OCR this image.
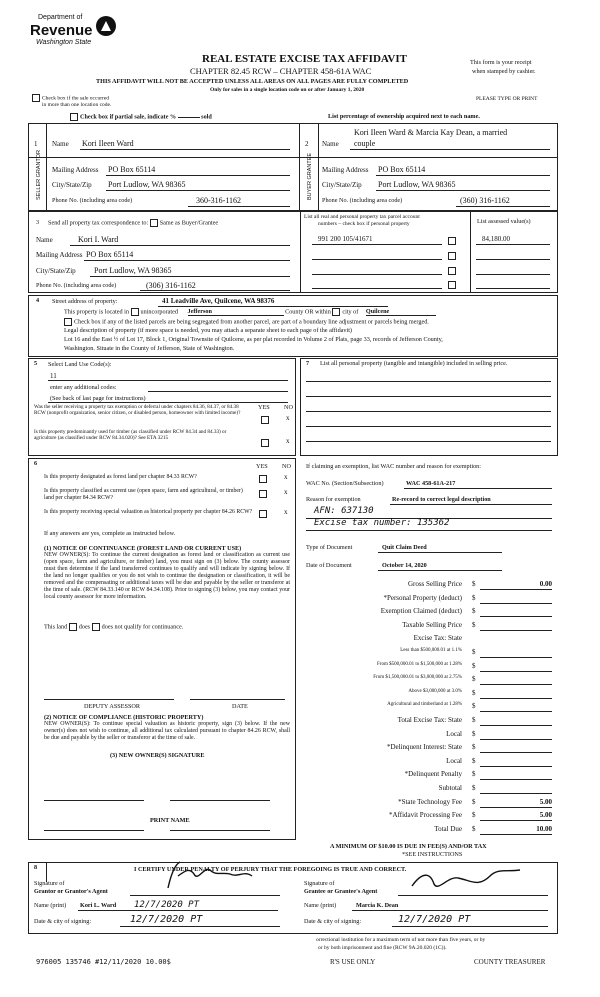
Department of
Revenue
Washington State
REAL ESTATE EXCISE TAX AFFIDAVIT
CHAPTER 82.45 RCW – CHAPTER 458-61A WAC
THIS AFFIDAVIT WILL NOT BE ACCEPTED UNLESS ALL AREAS ON ALL PAGES ARE FULLY COMPLETED
Only for sales in a single location code on or after January 1, 2020
This form is your receipt
when stamped by cashier.
PLEASE TYPE OR PRINT
Check box if the sale occurred
in more than one location code.
Check box if partial sale, indicate %	sold	List percentage of ownership acquired next to each name.
1
SELLER GRANTOR
Name Kori Ileen Ward
Mailing Address PO Box 65114
City/State/Zip Port Ludlow, WA 98365
Phone No. (including area code)	360-316-1162
2
BUYER GRANTEE
Kori Ileen Ward & Marcia Kay Dean, a married
Name couple
Mailing Address PO Box 65114
City/State/Zip Port Ludlow, WA 98365
Phone No. (including area code)	(360) 316-1162
3 Send all property tax correspondence to: Same as Buyer/Grantee
Name	Kori I. Ward
Mailing Address PO Box 65114
City/State/Zip Port Ludlow, WA 98365
Phone No. (including area code)	(306) 316-1162
List all real and personal property tax parcel account
numbers – check box if personal property	List assessed value(s)
991 200 105/41671	84,180.00
4 Street address of property:	41 Leadville Ave, Quilcene, WA 98376
This property is located in unincorporated Jefferson	County OR within city of Quilcene
Check box if any of the listed parcels are being segregated from another parcel, are part of a boundary line adjustment or parcels being merged.
Legal description of property (if more space is needed, you may attach a separate sheet to each page of the affidavit)
Lot 16 and the East ½ of Lot 17, Block 1, Original Townsite of Quilcene, as per plat recorded in Volume 2 of Plats, page 33, records of Jefferson County,
Washington. Situate in the County of Jefferson, State of Washington.
5 Select Land Use Code(s):
11
enter any additional codes:
(See back of last page for instructions)
YES NO
Was the seller receiving a property tax exemption or deferral under chapters 84.36, 84.37, or 84.38 RCW (nonprofit organization, senior citizen, or disabled person, homeowner with limited income)?
x
Is this property predominantly used for timber (as classified under RCW 84.34 and 84.33) or agriculture (as classified under RCW 84.34.020)? See ETA 3215	x
7 List all personal property (tangible and intangible) included in selling price.
6	YES NO
Is this property designated as forest land per chapter 84.33 RCW?	x
Is this property classified as current use (open space, farm and agricultural, or timber) land per chapter 84.34 RCW?
x
Is this property receiving special valuation as historical property per chapter 84.26 RCW?	x
If any answers are yes, complete as instructed below.
(1) NOTICE OF CONTINUANCE (FOREST LAND OR CURRENT USE)
NEW OWNER(S): To continue the current designation as forest land or classification as current use (open space, farm and agriculture, or timber) land, you must sign on (3) below. The county assessor must then determine if the land transferred continues to qualify and will indicate by signing below. If the land no longer qualifies or you do not wish to continue the designation or classification, it will be removed and the compensating or additional taxes will be due and payable by the seller or transferor at the time of sale. (RCW 84.33.140 or RCW 84.34.108). Prior to signing (3) below, you may contact your local county assessor for more information.
This land does does not qualify for continuance.
DEPUTY ASSESSOR	DATE
(2) NOTICE OF COMPLIANCE (HISTORIC PROPERTY)
NEW OWNER(S): To continue special valuation as historic property, sign (3) below. If the new owner(s) does not wish to continue, all additional tax calculated pursuant to chapter 84.26 RCW, shall be due and payable by the seller or transferor at the time of sale.
(3) NEW OWNER(S) SIGNATURE
PRINT NAME
If claiming an exemption, list WAC number and reason for exemption:
WAC No. (Section/Subsection)	WAC 458-61A-217
Reason for exemption	Re-record to correct legal description
AFN: 637130
Excise tax number: 135362
Type of Document	Quit Claim Deed
Date of Document	October 14, 2020
Gross Selling Price $	0.00
*Personal Property (deduct) $
Exemption Claimed (deduct) $
Taxable Selling Price $
Excise Tax: State
Less than $500,000.01 at 1.1% $
From $500,000.01 to $1,500,000 at 1.28% $
From $1,500,000.01 to $3,000,000 at 2.75% $
Above $3,000,000 at 3.0% $
Agricultural and timberland at 1.28% $
Total Excise Tax: State $
Local $
*Delinquent Interest: State $
Local $
*Delinquent Penalty $
Subtotal $
*State Technology Fee $	5.00
*Affidavit Processing Fee $	5.00
Total Due $	10.00
A MINIMUM OF $10.00 IS DUE IN FEE(S) AND/OR TAX
*SEE INSTRUCTIONS
8	I CERTIFY UNDER PENALTY OF PERJURY THAT THE FOREGOING IS TRUE AND CORRECT.
Signature of
Grantor or Grantor's Agent
Name (print) Kori L. Ward 12/7/2020 PT
Date & city of signing:	12/7/2020 PT
Signature of
Grantee or Grantee's Agent
Name (print)	Marcia K. Dean
Date & city of signing:	12/7/2020 PT
orrectional institution for a maximum term of not more than five years, or by
or by both imprisonment and fine (RCW 9A.20.020 (1C)).
976005 135746 #12/11/2020 10.00$	R'S USE ONLY	COUNTY TREASURER
